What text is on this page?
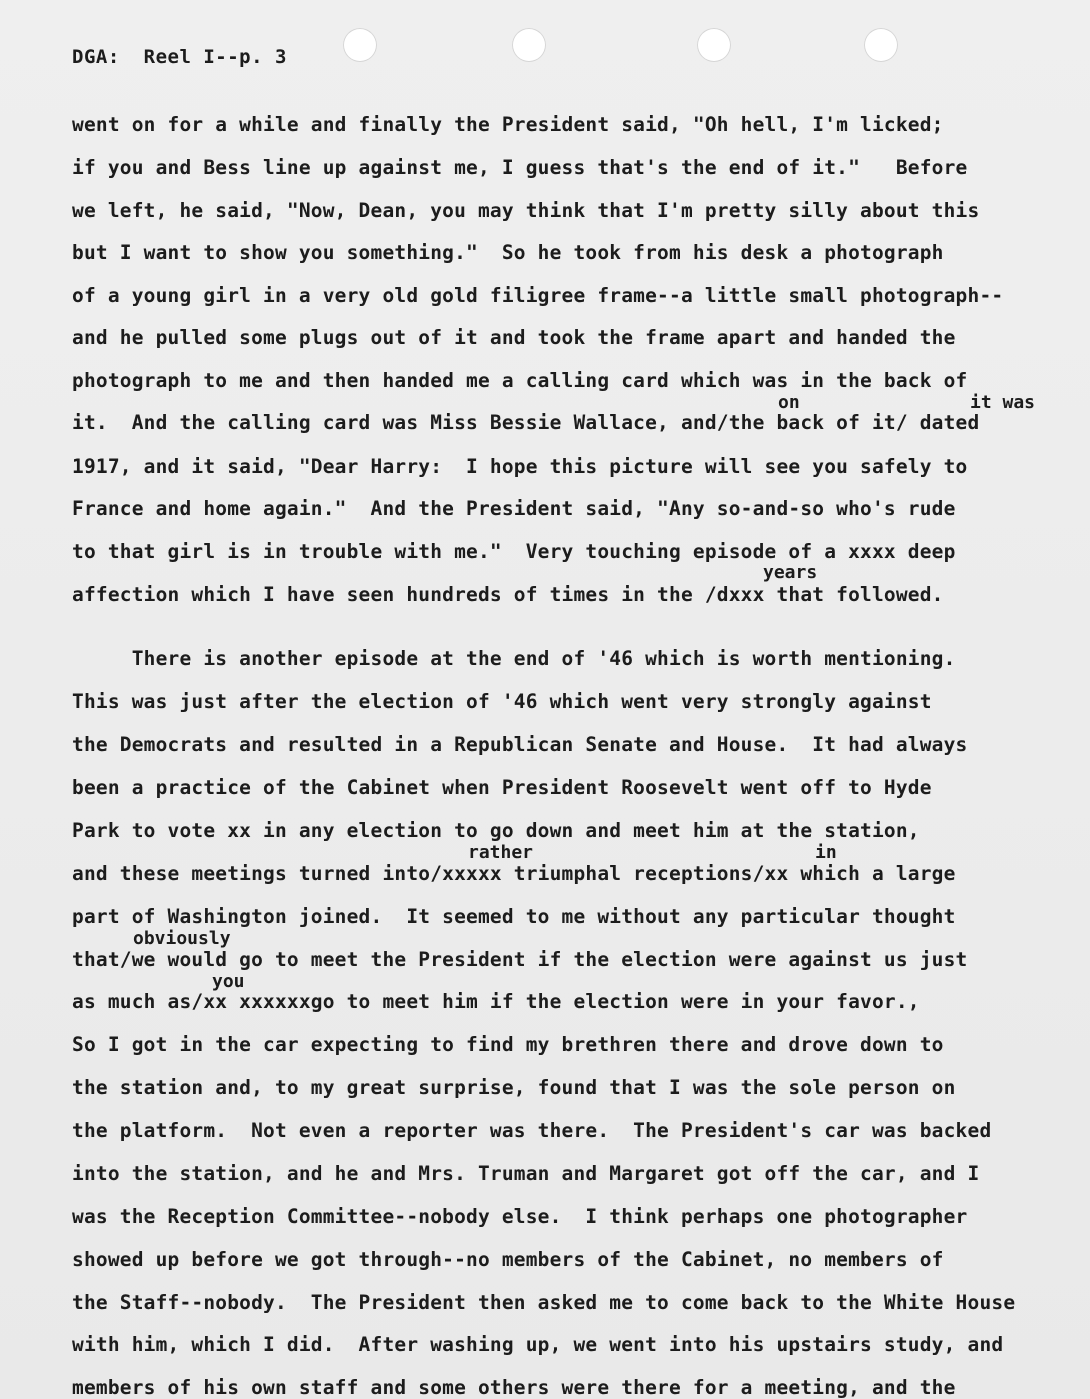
DGA:  Reel I--p. 3
on	it was
years
rather	in
obviously
you
went on for a while and finally the President said, "Oh hell, I'm licked;
if you and Bess line up against me, I guess that's the end of it."   Before
we left, he said, "Now, Dean, you may think that I'm pretty silly about this
but I want to show you something."  So he took from his desk a photograph
of a young girl in a very old gold filigree frame--a little small photograph--
and he pulled some plugs out of it and took the frame apart and handed the
photograph to me and then handed me a calling card which was in the back of
it.  And the calling card was Miss Bessie Wallace, and/the back of it/ dated
1917, and it said, "Dear Harry:  I hope this picture will see you safely to
France and home again."  And the President said, "Any so-and-so who's rude
to that girl is in trouble with me."  Very touching episode of a xxxx deep
affection which I have seen hundreds of times in the /dxxx that followed.
There is another episode at the end of '46 which is worth mentioning.
This was just after the election of '46 which went very strongly against
the Democrats and resulted in a Republican Senate and House.  It had always
been a practice of the Cabinet when President Roosevelt went off to Hyde
Park to vote xx in any election to go down and meet him at the station,
and these meetings turned into/xxxxx triumphal receptions/xx which a large
part of Washington joined.  It seemed to me without any particular thought
that/we would go to meet the President if the election were against us just
as much as/xx xxxxxxgo to meet him if the election were in your favor.,
So I got in the car expecting to find my brethren there and drove down to
the station and, to my great surprise, found that I was the sole person on
the platform.  Not even a reporter was there.  The President's car was backed
into the station, and he and Mrs. Truman and Margaret got off the car, and I
was the Reception Committee--nobody else.  I think perhaps one photographer
showed up before we got through--no members of the Cabinet, no members of
the Staff--nobody.  The President then asked me to come back to the White House
with him, which I did.  After washing up, we went into his upstairs study, and
members of his own staff and some others were there for a meeting, and the
